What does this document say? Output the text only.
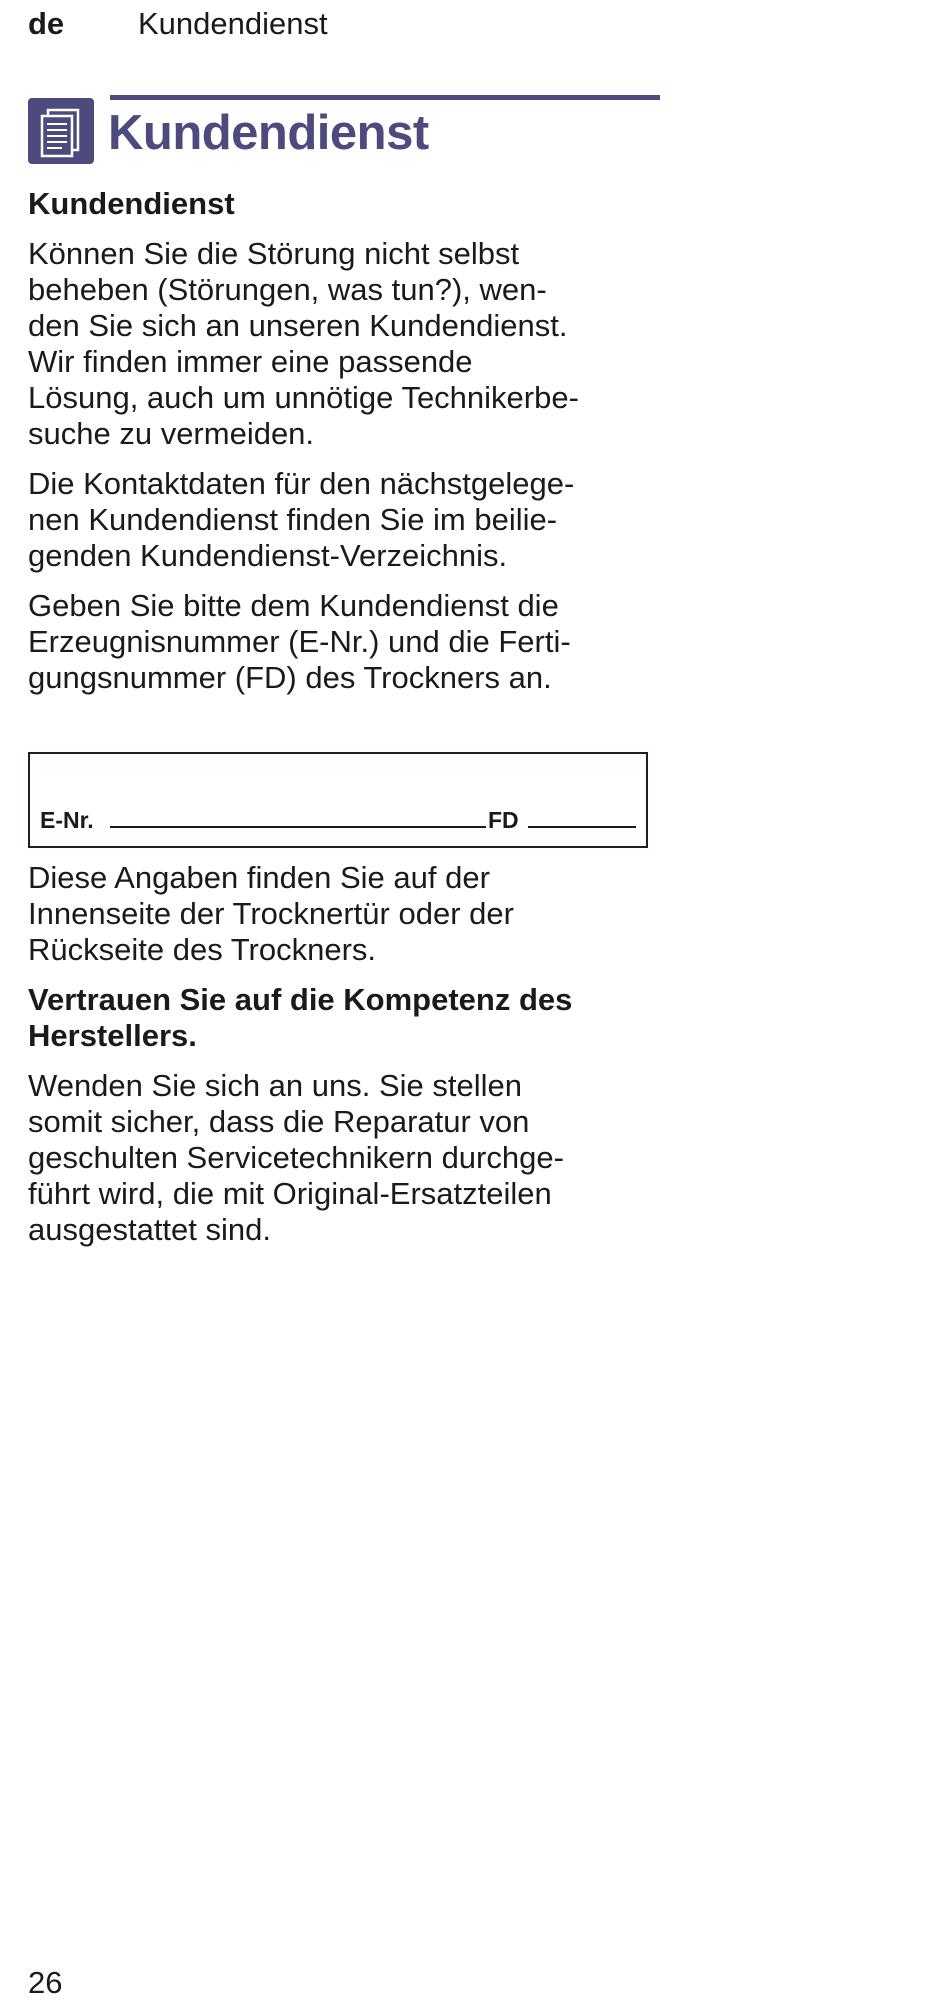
de Kundendienst
Kundendienst
Kundendienst

Können Sie die Störung nicht selbst
beheben (Störungen, was tun?), wen-
den Sie sich an unseren Kundendienst.
Wir finden immer eine passende
Lösung, auch um unnötige Technikerbe-
suche zu vermeiden.

Die Kontaktdaten für den nächstgelege-
nen Kundendienst finden Sie im beilie-
genden Kundendienst-Verzeichnis.

Geben Sie bitte dem Kundendienst die
Erzeugnisnummer (E-Nr.) und die Ferti-
gungsnummer (FD) des Trockners an.

E-Nr.	FD

Diese Angaben finden Sie auf der
Innenseite der Trocknertür oder der
Rückseite des Trockners.

Vertrauen Sie auf die Kompetenz des
Herstellers.

Wenden Sie sich an uns. Sie stellen
somit sicher, dass die Reparatur von
geschulten Servicetechnikern durchge-
führt wird, die mit Original-Ersatzteilen
ausgestattet sind.

26
